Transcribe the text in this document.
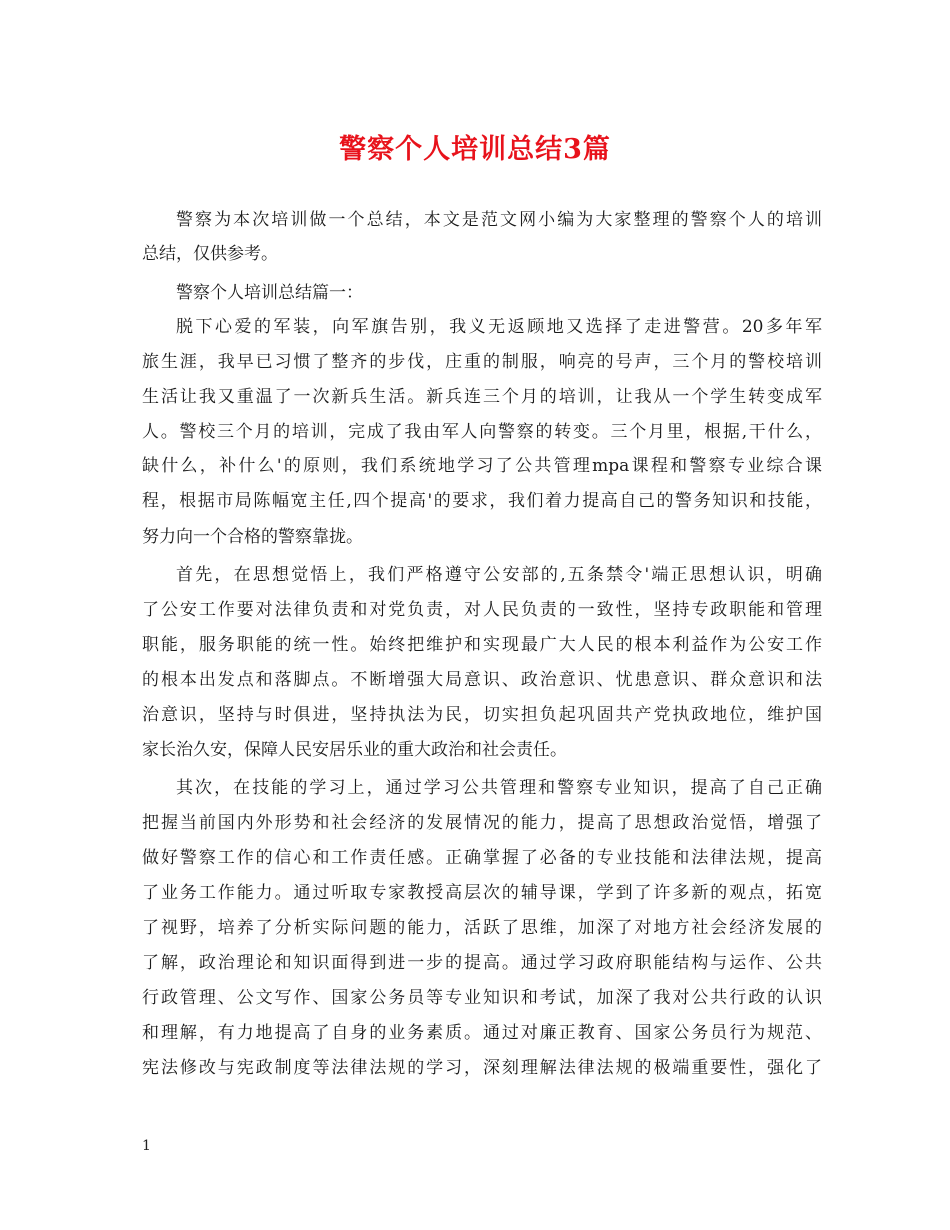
警察个人培训总结3篇

警察为本次培训做一个总结，本文是范文网小编为大家整理的警察个人的培训

总结，仅供参考。

警察个人培训总结篇一：

脱下心爱的军装，向军旗告别，我义无返顾地又选择了走进警营。20多年军

旅生涯，我早已习惯了整齐的步伐，庄重的制服，响亮的号声，三个月的警校培训

生活让我又重温了一次新兵生活。新兵连三个月的培训，让我从一个学生转变成军

人。警校三个月的培训，完成了我由军人向警察的转变。三个月里，根据‚干什么，

缺什么，补什么'的原则，我们系统地学习了公共管理mpa课程和警察专业综合课

程，根据市局陈幅宽主任‚四个提高'的要求，我们着力提高自己的警务知识和技能，

努力向一个合格的警察靠拢。

首先，在思想觉悟上，我们严格遵守公安部的‚五条禁令'端正思想认识，明确

了公安工作要对法律负责和对党负责，对人民负责的一致性，坚持专政职能和管理

职能，服务职能的统一性。始终把维护和实现最广大人民的根本利益作为公安工作

的根本出发点和落脚点。不断增强大局意识、政治意识、忧患意识、群众意识和法

治意识，坚持与时俱进，坚持执法为民，切实担负起巩固共产党执政地位，维护国

家长治久安，保障人民安居乐业的重大政治和社会责任。

其次，在技能的学习上，通过学习公共管理和警察专业知识，提高了自己正确

把握当前国内外形势和社会经济的发展情况的能力，提高了思想政治觉悟，增强了

做好警察工作的信心和工作责任感。正确掌握了必备的专业技能和法律法规，提高

了业务工作能力。通过听取专家教授高层次的辅导课，学到了许多新的观点，拓宽

了视野，培养了分析实际问题的能力，活跃了思维，加深了对地方社会经济发展的

了解，政治理论和知识面得到进一步的提高。通过学习政府职能结构与运作、公共

行政管理、公文写作、国家公务员等专业知识和考试，加深了我对公共行政的认识

和理解，有力地提高了自身的业务素质。通过对廉正教育、国家公务员行为规范、

宪法修改与宪政制度等法律法规的学习，深刻理解法律法规的极端重要性，强化了

1
